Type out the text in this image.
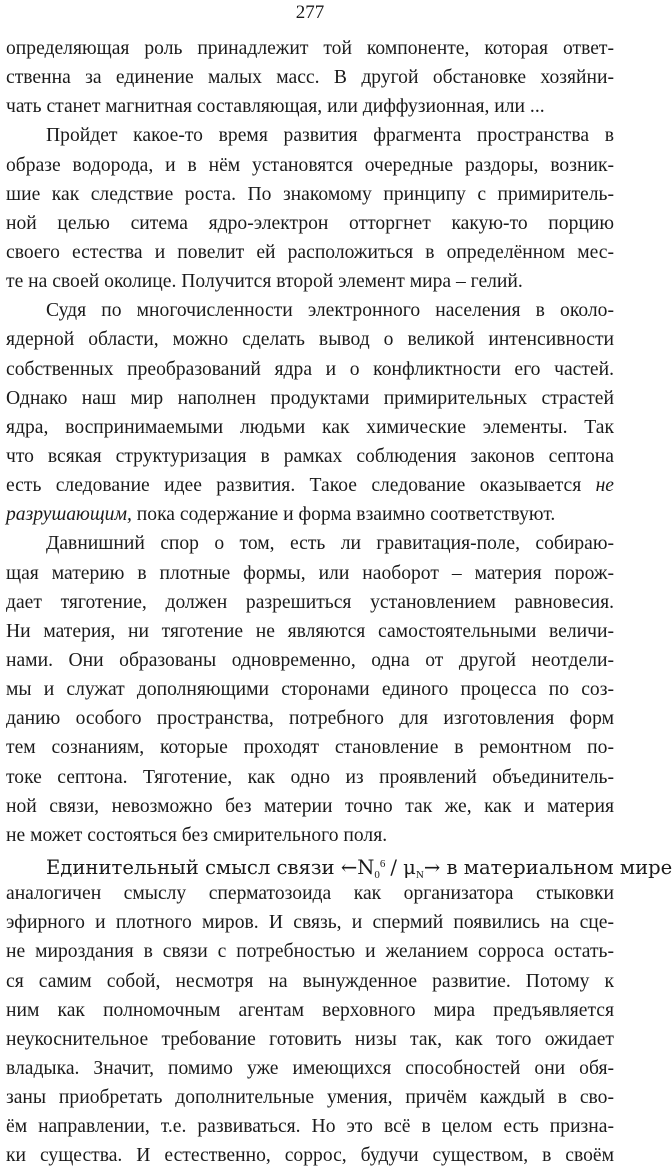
277
определяющая роль принадлежит той компоненте, которая ответ-
ственна за единение малых масс. В другой обстановке хозяйни-
чать станет магнитная составляющая, или диффузионная, или ...
Пройдет какое-то время развития фрагмента пространства в
образе водорода, и в нём установятся очередные раздоры, возник-
шие как следствие роста. По знакомому принципу с примиритель-
ной целью ситема ядро-электрон отторгнет какую-то порцию
своего естества и повелит ей расположиться в определённом мес-
те на своей околице. Получится второй элемент мира – гелий.
Судя по многочисленности электронного населения в около-
ядерной области, можно сделать вывод о великой интенсивности
собственных преобразований ядра и о конфликтности его частей.
Однако наш мир наполнен продуктами примирительных страстей
ядра, воспринимаемыми людьми как химические элементы. Так
что всякая структуризация в рамках соблюдения законов септона
есть следование идее развития. Такое следование оказывается не
разрушающим, пока содержание и форма взаимно соответствуют.
Давнишний спор о том, есть ли гравитация-поле, собираю-
щая материю в плотные формы, или наоборот – материя порож-
дает тяготение, должен разрешиться установлением равновесия.
Ни материя, ни тяготение не являются самостоятельными величи-
нами. Они образованы одновременно, одна от другой неотдели-
мы и служат дополняющими сторонами единого процесса по соз-
данию особого пространства, потребного для изготовления форм
тем сознаниям, которые проходят становление в ремонтном по-
токе септона. Тяготение, как одно из проявлений объединитель-
ной связи, невозможно без материи точно так же, как и материя
не может состояться без смирительного поля.
Единительный смысл связи $\leftarrow N_0^6 / \mu_N\to в$ материальном мире
аналогичен смыслу сперматозоида как организатора стыковки
эфирного и плотного миров. И связь, и спермий появились на сце-
не мироздания в связи с потребностью и желанием сорроса остать-
ся самим собой, несмотря на вынужденное развитие. Потому к
ним как полномочным агентам верховного мира предъявляется
неукоснительное требование готовить низы так, как того ожидает
владыка. Значит, помимо уже имеющихся способностей они обя-
заны приобретать дополнительные умения, причём каждый в сво-
ём направлении, т.е. развиваться. Но это всё в целом есть призна-
ки существа. И естественно, соррос, будучи существом, в своём
